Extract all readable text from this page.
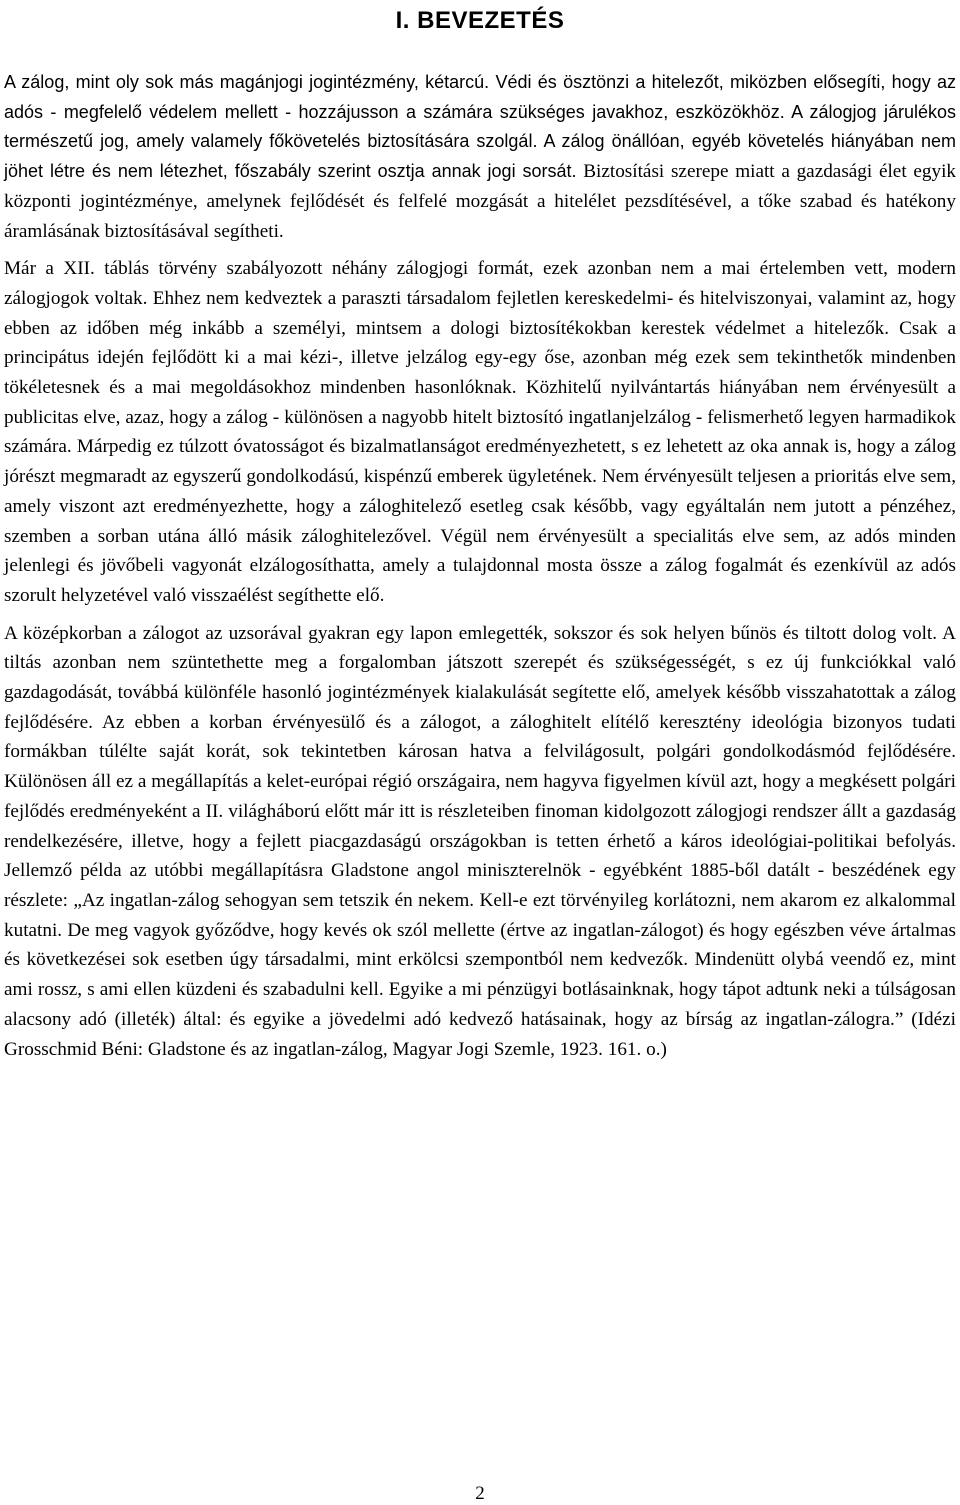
I. BEVEZETÉS

A zálog, mint oly sok más magánjogi jogintézmény, kétarcú. Védi és ösztönzi a hitelezőt, miközben elősegíti, hogy az adós - megfelelő védelem mellett - hozzájusson a számára szükséges javakhoz, eszközökhöz. A zálogjog járulékos természetű jog, amely valamely főkövetelés biztosítására szolgál. A zálog önállóan, egyéb követelés hiányában nem jöhet létre és nem létezhet, főszabály szerint osztja annak jogi sorsát. Biztosítási szerepe miatt a gazdasági élet egyik központi jogintézménye, amelynek fejlődését és felfelé mozgását a hitelélet pezsdítésével, a tőke szabad és hatékony áramlásának biztosításával segítheti.

Már a XII. táblás törvény szabályozott néhány zálogjogi formát, ezek azonban nem a mai értelemben vett, modern zálogjogok voltak. Ehhez nem kedveztek a paraszti társadalom fejletlen kereskedelmi- és hitelviszonyai, valamint az, hogy ebben az időben még inkább a személyi, mintsem a dologi biztosítékokban kerestek védelmet a hitelezők. Csak a principátus idején fejlődött ki a mai kézi-, illetve jelzálog egy-egy őse, azonban még ezek sem tekinthetők mindenben tökéletesnek és a mai megoldásokhoz mindenben hasonlóknak. Közhitelű nyilvántartás hiányában nem érvényesült a publicitas elve, azaz, hogy a zálog - különösen a nagyobb hitelt biztosító ingatlanjelzálog - felismerhető legyen harmadikok számára. Márpedig ez túlzott óvatosságot és bizalmatlanságot eredményezhetett, s ez lehetett az oka annak is, hogy a zálog jórészt megmaradt az egyszerű gondolkodású, kispénzű emberek ügyletének. Nem érvényesült teljesen a prioritás elve sem, amely viszont azt eredményezhette, hogy a záloghitelező esetleg csak később, vagy egyáltalán nem jutott a pénzéhez, szemben a sorban utána álló másik záloghitelezővel. Végül nem érvényesült a specialitás elve sem, az adós minden jelenlegi és jövőbeli vagyonát elzálogosíthatta, amely a tulajdonnal mosta össze a zálog fogalmát és ezenkívül az adós szorult helyzetével való visszaélést segíthette elő.

A középkorban a zálogot az uzsorával gyakran egy lapon emlegették, sokszor és sok helyen bűnös és tiltott dolog volt. A tiltás azonban nem szüntethette meg a forgalomban játszott szerepét és szükségességét, s ez új funkciókkal való gazdagodását, továbbá különféle hasonló jogintézmények kialakulását segítette elő, amelyek később visszahatottak a zálog fejlődésére. Az ebben a korban érvényesülő és a zálogot, a záloghitelt elítélő keresztény ideológia bizonyos tudati formákban túlélte saját korát, sok tekintetben károsan hatva a felvilágosult, polgári gondolkodásmód fejlődésére. Különösen áll ez a megállapítás a kelet-európai régió országaira, nem hagyva figyelmen kívül azt, hogy a megkésett polgári fejlődés eredményeként a II. világháború előtt már itt is részleteiben finoman kidolgozott zálogjogi rendszer állt a gazdaság rendelkezésére, illetve, hogy a fejlett piacgazdaságú országokban is tetten érhető a káros ideológiai-politikai befolyás. Jellemző példa az utóbbi megállapításra Gladstone angol miniszterelnök - egyébként 1885-ből datált - beszédének egy részlete: „Az ingatlan-zálog sehogyan sem tetszik én nekem. Kell-e ezt törvényileg korlátozni, nem akarom ez alkalommal kutatni. De meg vagyok győződve, hogy kevés ok szól mellette (értve az ingatlan-zálogot) és hogy egészben véve ártalmas és következései sok esetben úgy társadalmi, mint erkölcsi szempontból nem kedvezők. Mindenütt olybá veendő ez, mint ami rossz, s ami ellen küzdeni és szabadulni kell. Egyike a mi pénzügyi botlásainknak, hogy tápot adtunk neki a túlságosan alacsony adó (illeték) által: és egyike a jövedelmi adó kedvező hatásainak, hogy az bírság az ingatlan-zálogra.” (Idézi Grosschmid Béni: Gladstone és az ingatlan-zálog, Magyar Jogi Szemle, 1923. 161. o.)

2
